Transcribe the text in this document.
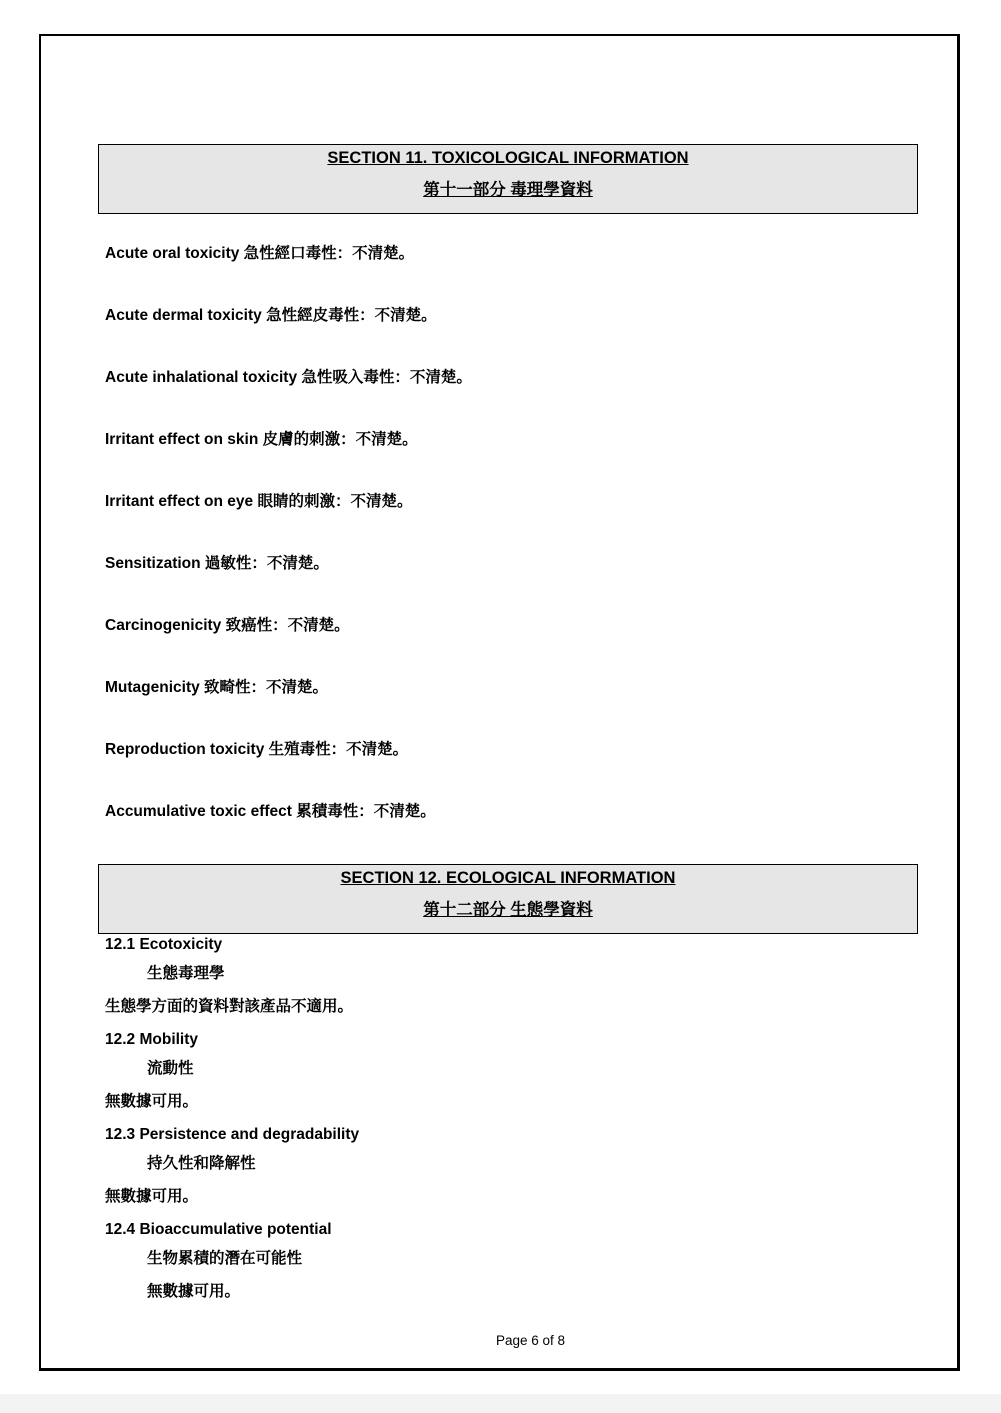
SECTION 11. TOXICOLOGICAL INFORMATION
第十一部分 毒理學資料
Acute oral toxicity 急性經口毒性：不清楚。
Acute dermal toxicity 急性經皮毒性：不清楚。
Acute inhalational toxicity 急性吸入毒性：不清楚。
Irritant effect on skin 皮膚的刺激：不清楚。
Irritant effect on eye 眼睛的刺激：不清楚。
Sensitization 過敏性：不清楚。
Carcinogenicity 致癌性：不清楚。
Mutagenicity 致畸性：不清楚。
Reproduction toxicity 生殖毒性：不清楚。
Accumulative toxic effect 累積毒性：不清楚。
SECTION 12. ECOLOGICAL INFORMATION
第十二部分 生態學資料
12.1 Ecotoxicity
生態毒理學
生態學方面的資料對該產品不適用。
12.2 Mobility
流動性
無數據可用。
12.3 Persistence and degradability
持久性和降解性
無數據可用。
12.4 Bioaccumulative potential
生物累積的潛在可能性
無數據可用。
Page 6 of 8
